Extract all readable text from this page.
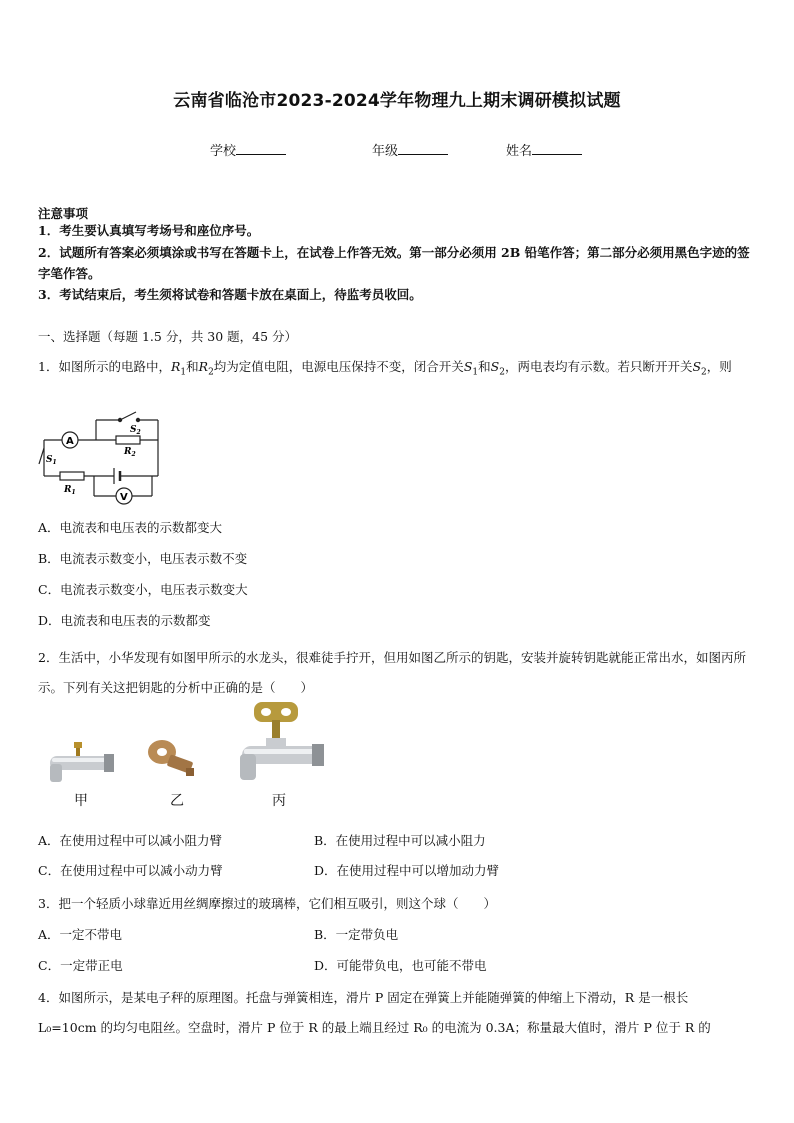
云南省临沧市2023-2024学年物理九上期末调研模拟试题
学校	年级	姓名
注意事项
1．考生要认真填写考场号和座位序号。
2．试题所有答案必须填涂或书写在答题卡上，在试卷上作答无效。第一部分必须用 2B 铅笔作答；第二部分必须用黑色字迹的签字笔作答。
3．考试结束后，考生须将试卷和答题卡放在桌面上，待监考员收回。
一、选择题（每题 1.5 分，共 30 题，45 分）
1．如图所示的电路中，$R_1$和$R_2$均为定值电阻，电源电压保持不变，闭合开关$S_1$和$S_2$，两电表均有示数。若只断开开关$S_2$，则
A
V
$S_2$
$R_2$
$S_1$
$R_1$
A．电流表和电压表的示数都变大
B．电流表示数变小，电压表示数不变
C．电流表示数变小，电压表示数变大
D．电流表和电压表的示数都变
2．生活中，小华发现有如图甲所示的水龙头，很难徒手拧开，但用如图乙所示的钥匙，安装并旋转钥匙就能正常出水，如图丙所示。下列有关这把钥匙的分析中正确的是（　　）
甲	乙	丙
A．在使用过程中可以减小阻力臂	B．在使用过程中可以减小阻力
C．在使用过程中可以减小动力臂	D．在使用过程中可以增加动力臂
3．把一个轻质小球靠近用丝绸摩擦过的玻璃棒，它们相互吸引，则这个球（　　）
A．一定不带电	B．一定带负电
C．一定带正电	D．可能带负电，也可能不带电
4．如图所示，是某电子秤的原理图。托盘与弹簧相连，滑片 P 固定在弹簧上并能随弹簧的伸缩上下滑动，R 是一根长
L₀=10cm 的均匀电阻丝。空盘时，滑片 P 位于 R 的最上端且经过 R₀ 的电流为 0.3A；称量最大值时，滑片 P 位于 R 的
